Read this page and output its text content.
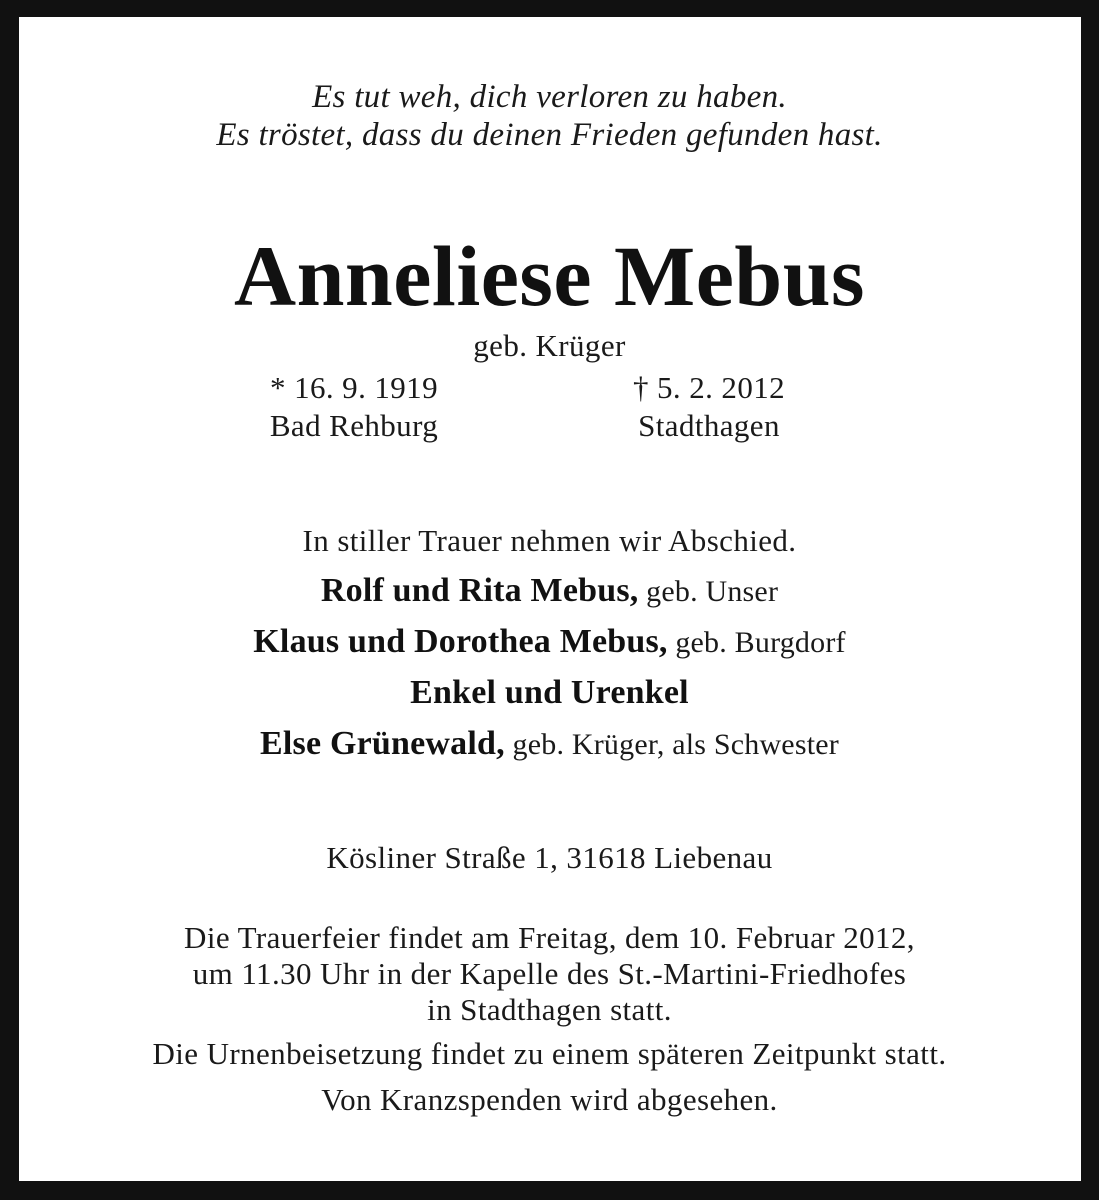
Es tut weh, dich verloren zu haben.
Es tröstet, dass du deinen Frieden gefunden hast.
Anneliese Mebus
geb. Krüger
* 16. 9. 1919
Bad Rehburg
† 5. 2. 2012
Stadthagen
In stiller Trauer nehmen wir Abschied.
Rolf und Rita Mebus, geb. Unser
Klaus und Dorothea Mebus, geb. Burgdorf
Enkel und Urenkel
Else Grünewald, geb. Krüger, als Schwester
Kösliner Straße 1, 31618 Liebenau
Die Trauerfeier findet am Freitag, dem 10. Februar 2012,
um 11.30 Uhr in der Kapelle des St.-Martini-Friedhofes
in Stadthagen statt.
Die Urnenbeisetzung findet zu einem späteren Zeitpunkt statt.
Von Kranzspenden wird abgesehen.
